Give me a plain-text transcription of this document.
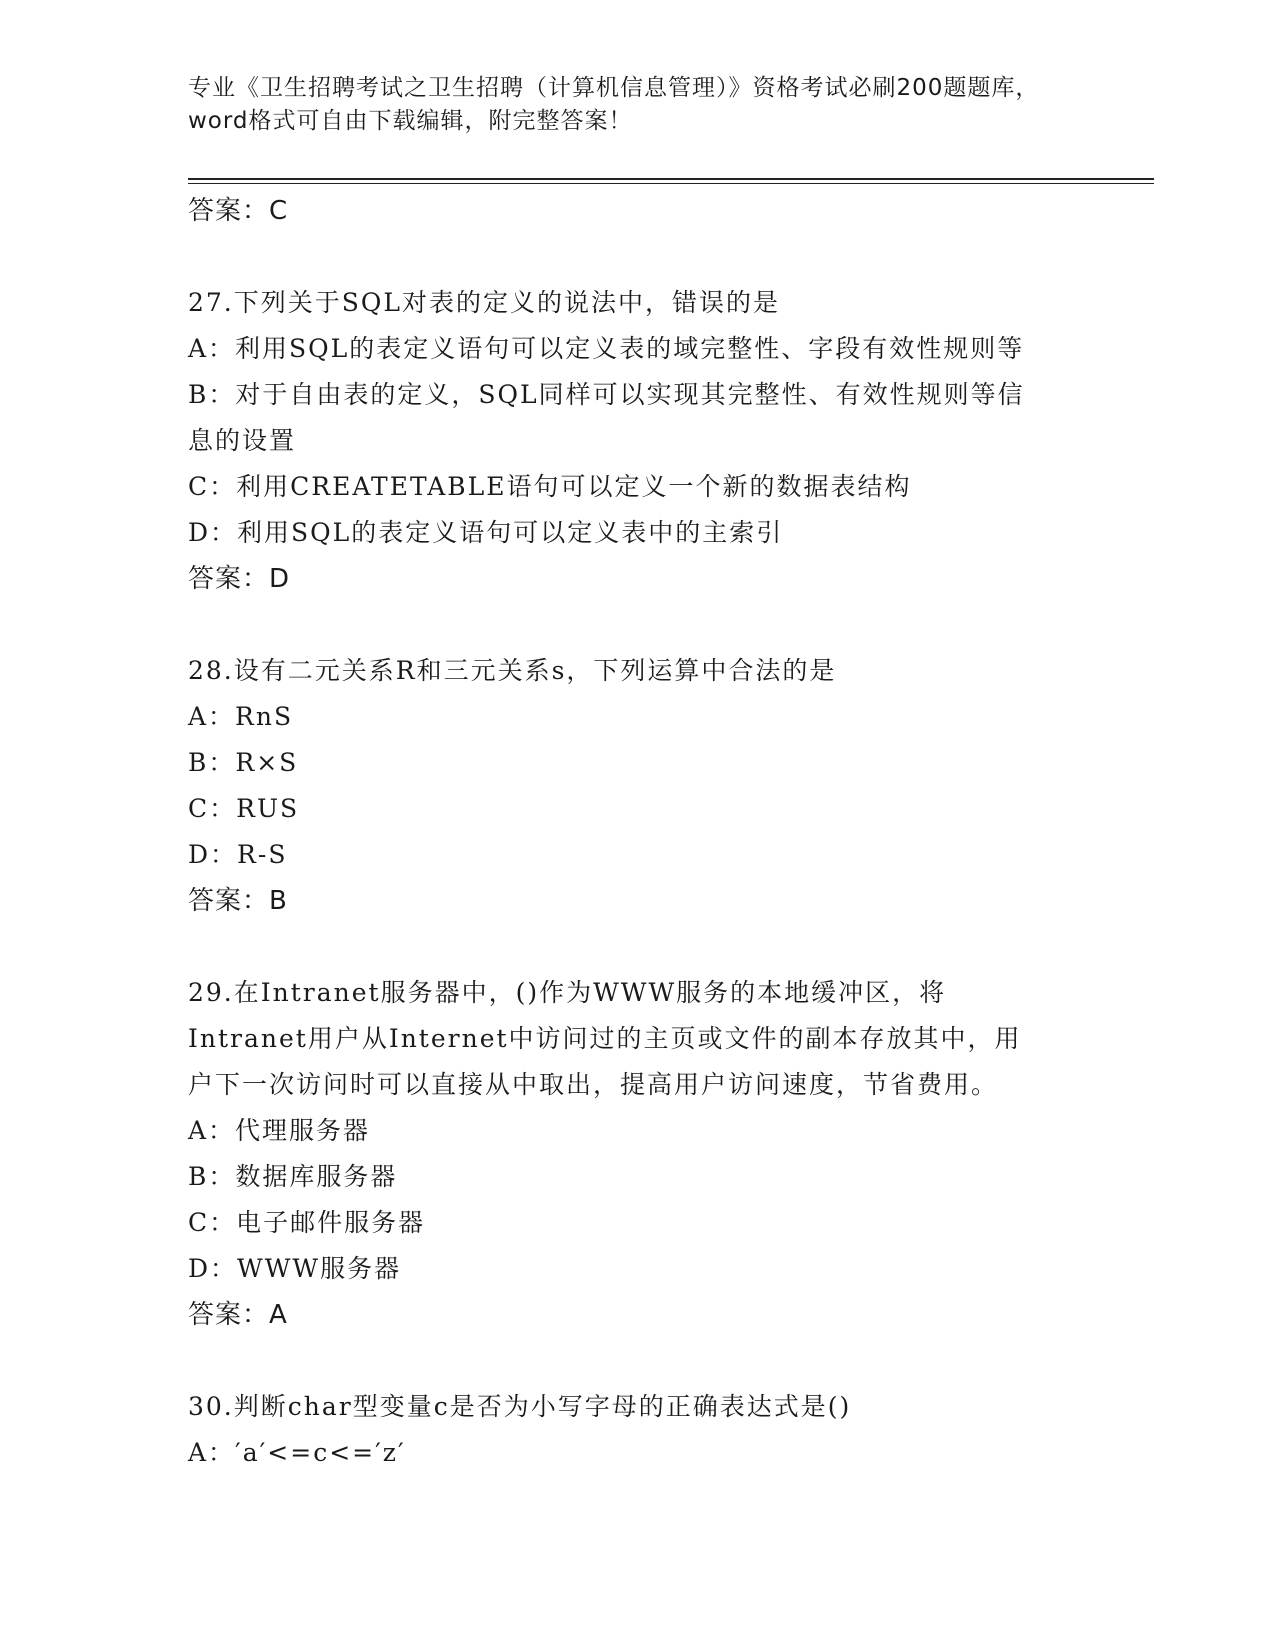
专业《卫生招聘考试之卫生招聘（计算机信息管理）》资格考试必刷200题题库，
word格式可自由下载编辑，附完整答案！
答案：C
27.下列关于SQL对表的定义的说法中，错误的是
A：利用SQL的表定义语句可以定义表的域完整性、字段有效性规则等
B：对于自由表的定义，SQL同样可以实现其完整性、有效性规则等信
息的设置
C：利用CREATETABLE语句可以定义一个新的数据表结构
D：利用SQL的表定义语句可以定义表中的主索引
答案：D
28.设有二元关系R和三元关系s，下列运算中合法的是
A：RnS
B：R×S
C：RUS
D：R-S
答案：B
29.在Intranet服务器中，()作为WWW服务的本地缓冲区，将
Intranet用户从Internet中访问过的主页或文件的副本存放其中，用
户下一次访问时可以直接从中取出，提高用户访问速度，节省费用。
A：代理服务器
B：数据库服务器
C：电子邮件服务器
D：WWW服务器
答案：A
30.判断char型变量c是否为小写字母的正确表达式是()
A：′a′<=c<=′z′
